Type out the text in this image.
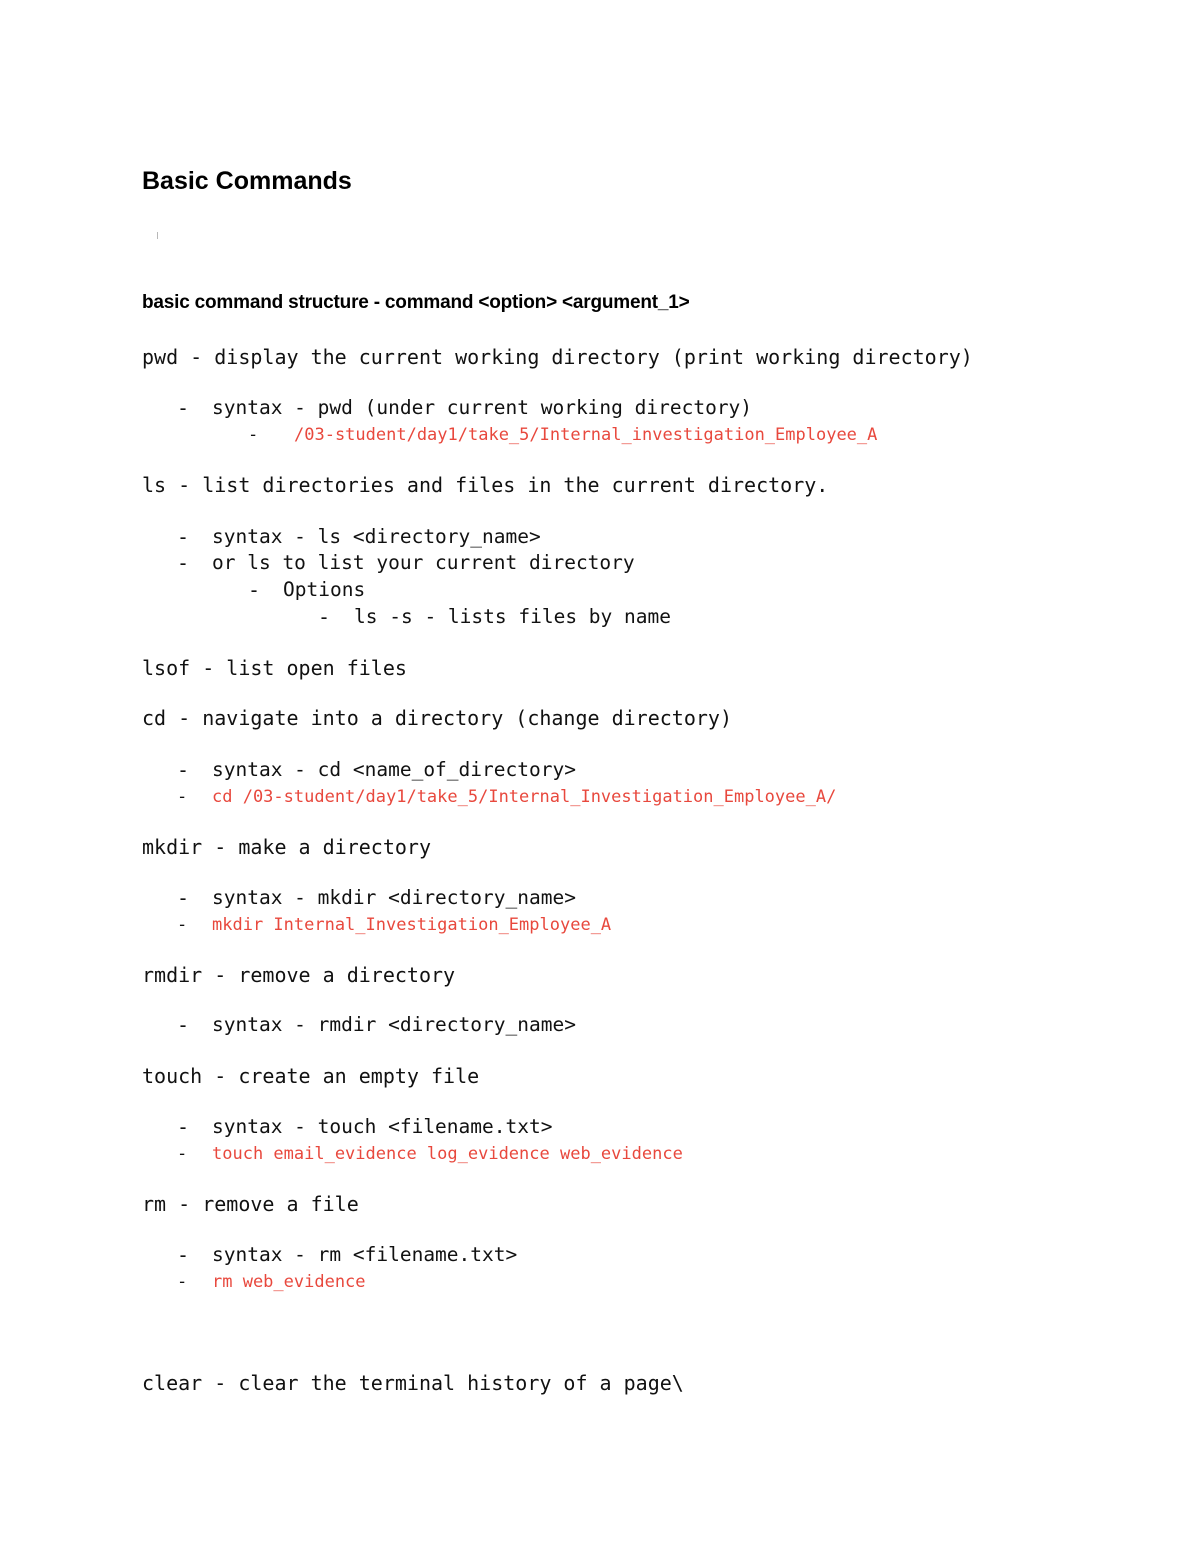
Basic Commands
basic command structure - command <option> <argument_1>
pwd - display the current working directory (print working directory)
- syntax - pwd (under current working directory)
- /03-student/day1/take_5/Internal_investigation_Employee_A
ls - list directories and files in the current directory.
- syntax - ls <directory_name>
- or ls to list your current directory
- Options
- ls -s - lists files by name
lsof - list open files
cd - navigate into a directory (change directory)
- syntax - cd <name_of_directory>
- cd /03-student/day1/take_5/Internal_Investigation_Employee_A/
mkdir - make a directory
- syntax - mkdir <directory_name>
- mkdir Internal_Investigation_Employee_A
rmdir - remove a directory
- syntax - rmdir <directory_name>
touch - create an empty file
- syntax - touch <filename.txt>
- touch email_evidence log_evidence web_evidence
rm - remove a file
- syntax - rm <filename.txt>
- rm web_evidence
clear - clear the terminal history of a page\
